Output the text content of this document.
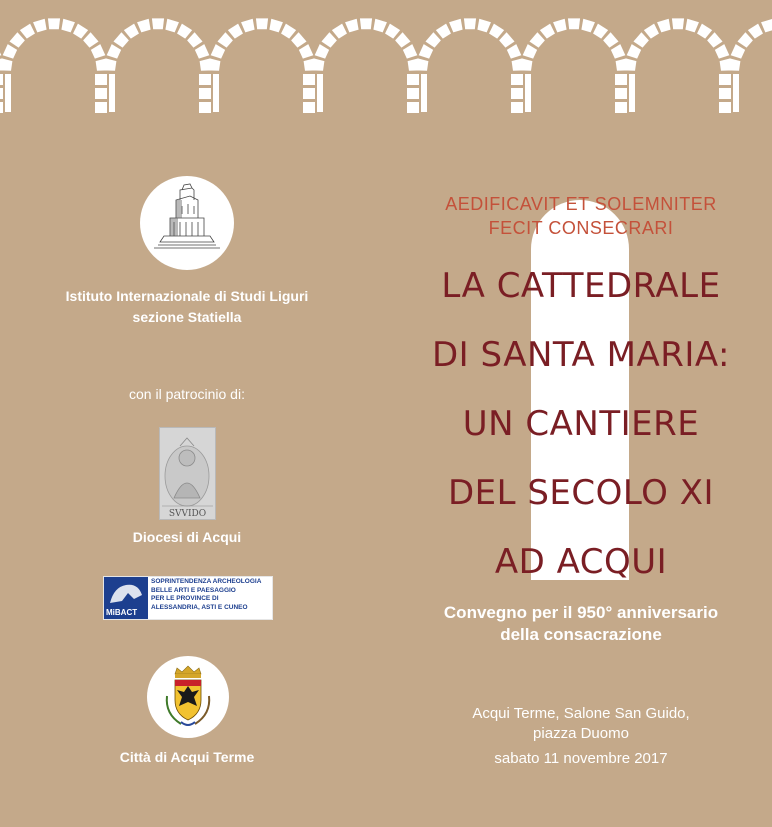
Istituto Internazionale di Studi Liguri
sezione Statiella
con il patrocinio di:
SVVIDO
Diocesi di Acqui
MiBACT
SOPRINTENDENZA ARCHEOLOGIA
BELLE ARTI E PAESAGGIO
PER LE PROVINCE DI
ALESSANDRIA, ASTI E CUNEO
Città di Acqui Terme
AEDIFICAVIT ET SOLEMNITER
FECIT CONSECRARI
LA CATTEDRALE
DI SANTA MARIA:
UN CANTIERE
DEL SECOLO XI
AD ACQUI
Convegno per il 950° anniversario
della consacrazione
Acqui Terme, Salone San Guido,
piazza Duomo
sabato 11 novembre 2017
